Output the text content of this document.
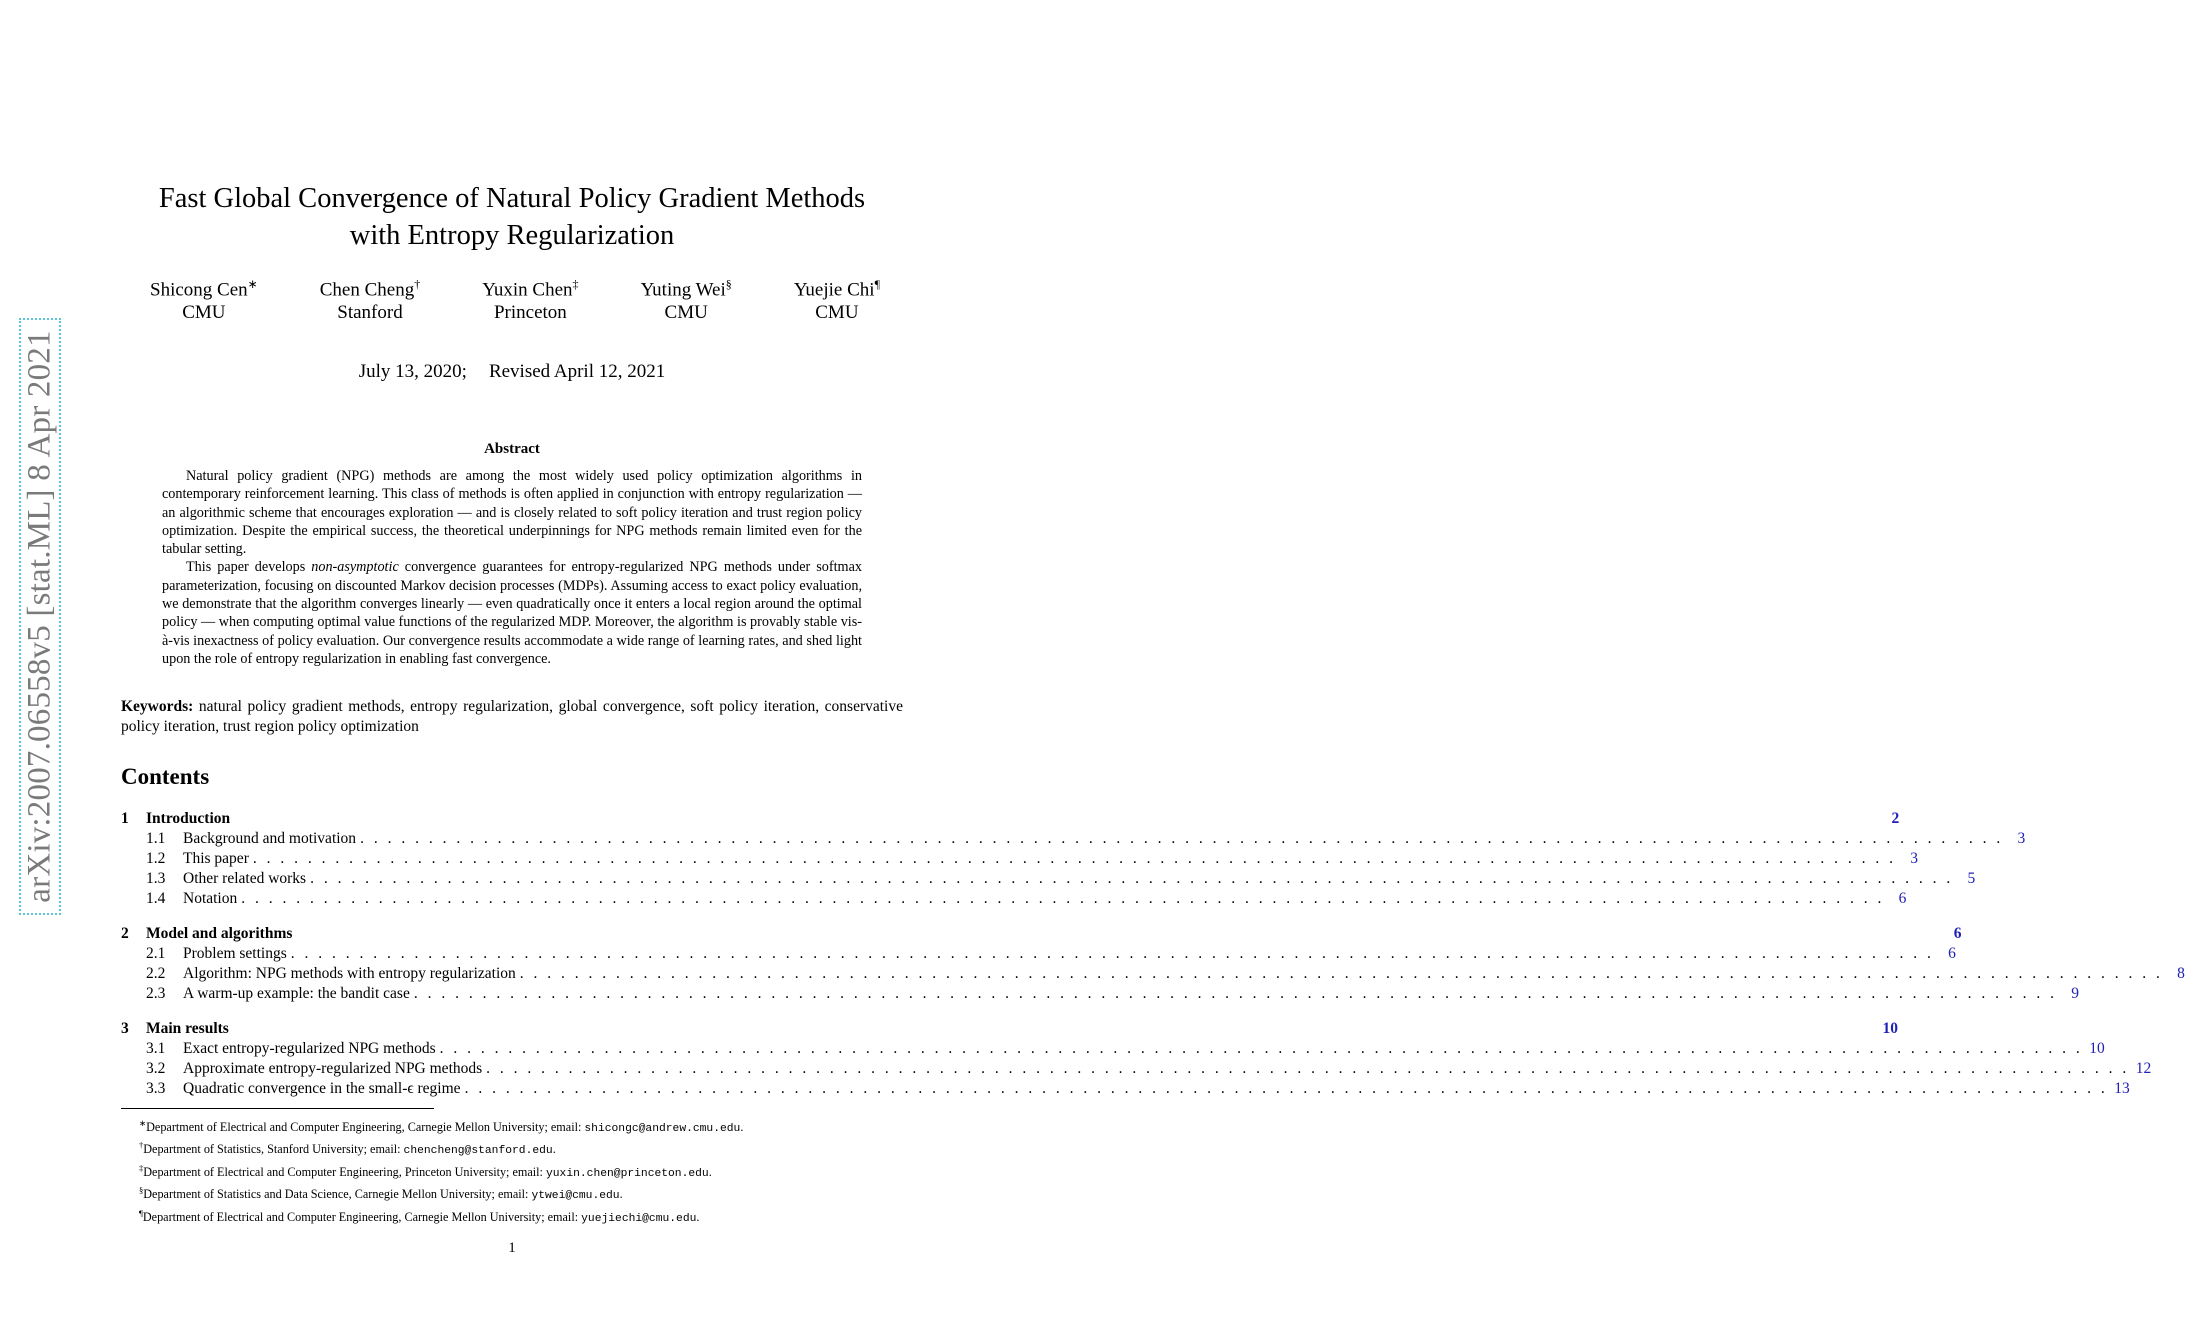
arXiv:2007.06558v5 [stat.ML] 8 Apr 2021
Fast Global Convergence of Natural Policy Gradient Methods
with Entropy Regularization
Shicong Cen∗
CMU
Chen Cheng†
Stanford
Yuxin Chen‡
Princeton
Yuting Wei§
CMU
Yuejie Chi¶
CMU
July 13, 2020; Revised April 12, 2021
Abstract

Natural policy gradient (NPG) methods are among the most widely used policy optimization algorithms in contemporary reinforcement learning. This class of methods is often applied in conjunction with entropy regularization — an algorithmic scheme that encourages exploration — and is closely related to soft policy iteration and trust region policy optimization. Despite the empirical success, the theoretical underpinnings for NPG methods remain limited even for the tabular setting.

This paper develops non-asymptotic convergence guarantees for entropy-regularized NPG methods under softmax parameterization, focusing on discounted Markov decision processes (MDPs). Assuming access to exact policy evaluation, we demonstrate that the algorithm converges linearly — even quadratically once it enters a local region around the optimal policy — when computing optimal value functions of the regularized MDP. Moreover, the algorithm is provably stable vis-à-vis inexactness of policy evaluation. Our convergence results accommodate a wide range of learning rates, and shed light upon the role of entropy regularization in enabling fast convergence.

Keywords: natural policy gradient methods, entropy regularization, global convergence, soft policy iteration, conservative policy iteration, trust region policy optimization
Contents
1	Introduction	2
1.1	Background and motivation . . . . . . . . . . . . . . . . . . . . . . . . . . . . . . . . . . . . . . . . . . . . . . . . . . . . . . . . . . . . . . . . . . . . . . . . . . . . . . . . . . . . . . . . . . . . . . . . . . . . . . . . . . . . . . . . . . . . . . . . 3
1.2	This paper . . . . . . . . . . . . . . . . . . . . . . . . . . . . . . . . . . . . . . . . . . . . . . . . . . . . . . . . . . . . . . . . . . . . . . . . . . . . . . . . . . . . . . . . . . . . . . . . . . . . . . . . . . . . . . . . . . . . . . . . 3
1.3	Other related works . . . . . . . . . . . . . . . . . . . . . . . . . . . . . . . . . . . . . . . . . . . . . . . . . . . . . . . . . . . . . . . . . . . . . . . . . . . . . . . . . . . . . . . . . . . . . . . . . . . . . . . . . . . . . . . . . . . . . . . . 5
1.4	Notation . . . . . . . . . . . . . . . . . . . . . . . . . . . . . . . . . . . . . . . . . . . . . . . . . . . . . . . . . . . . . . . . . . . . . . . . . . . . . . . . . . . . . . . . . . . . . . . . . . . . . . . . . . . . . . . . . . . . . . . . 6
2	Model and algorithms	6
2.1	Problem settings . . . . . . . . . . . . . . . . . . . . . . . . . . . . . . . . . . . . . . . . . . . . . . . . . . . . . . . . . . . . . . . . . . . . . . . . . . . . . . . . . . . . . . . . . . . . . . . . . . . . . . . . . . . . . . . . . . . . . . . . 6
2.2	Algorithm: NPG methods with entropy regularization . . . . . . . . . . . . . . . . . . . . . . . . . . . . . . . . . . . . . . . . . . . . . . . . . . . . . . . . . . . . . . . . . . . . . . . . . . . . . . . . . . . . . . . . . . . . . . . . . . . . . . . . . . . . . . . . . . . . . . . . 8
2.3	A warm-up example: the bandit case . . . . . . . . . . . . . . . . . . . . . . . . . . . . . . . . . . . . . . . . . . . . . . . . . . . . . . . . . . . . . . . . . . . . . . . . . . . . . . . . . . . . . . . . . . . . . . . . . . . . . . . . . . . . . . . . . . . . . . . . 9
3	Main results	10
3.1	Exact entropy-regularized NPG methods . . . . . . . . . . . . . . . . . . . . . . . . . . . . . . . . . . . . . . . . . . . . . . . . . . . . . . . . . . . . . . . . . . . . . . . . . . . . . . . . . . . . . . . . . . . . . . . . . . . . . . . . . . . . . . . . . . . . . . . . 10
3.2	Approximate entropy-regularized NPG methods . . . . . . . . . . . . . . . . . . . . . . . . . . . . . . . . . . . . . . . . . . . . . . . . . . . . . . . . . . . . . . . . . . . . . . . . . . . . . . . . . . . . . . . . . . . . . . . . . . . . . . . . . . . . . . . . . . . . . . . . 12
3.3	Quadratic convergence in the small-ϵ regime . . . . . . . . . . . . . . . . . . . . . . . . . . . . . . . . . . . . . . . . . . . . . . . . . . . . . . . . . . . . . . . . . . . . . . . . . . . . . . . . . . . . . . . . . . . . . . . . . . . . . . . . . . . . . . . . . . . . . . . . 13
∗Department of Electrical and Computer Engineering, Carnegie Mellon University; email: shicongc@andrew.cmu.edu.
†Department of Statistics, Stanford University; email: chencheng@stanford.edu.
‡Department of Electrical and Computer Engineering, Princeton University; email: yuxin.chen@princeton.edu.
§Department of Statistics and Data Science, Carnegie Mellon University; email: ytwei@cmu.edu.
¶Department of Electrical and Computer Engineering, Carnegie Mellon University; email: yuejiechi@cmu.edu.
1
